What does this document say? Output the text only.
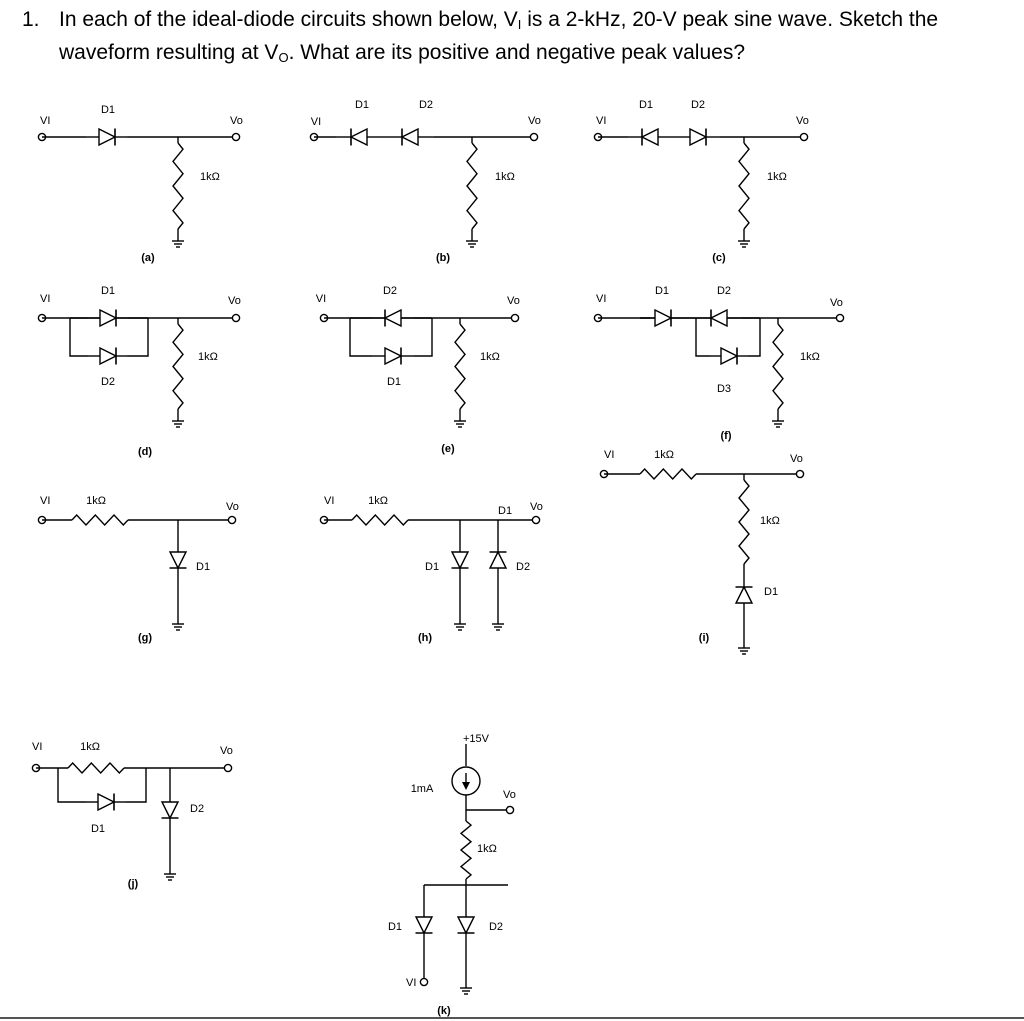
1. In each of the ideal-diode circuits shown below, $V_I$ is a 2-kHz, 20-V peak sine wave. Sketch the
waveform resulting at $V_O$. What are its positive and negative peak values?
VI	Vo
D1
1kΩ
(a)
VI	Vo
D1	D2
1kΩ
(b)
VI	Vo
D1	D2
1kΩ
(c)
VI	Vo
D1
D2
1kΩ
(d)
VI	Vo
D2
D1
1kΩ
(e)
VI	Vo
D1	D2
D3
1kΩ
(f)
VI	1kΩ	Vo
D1
(g)
VI	1kΩ	Vo
1kΩ
D1
(i)
VI	1kΩ	Vo
D1
D1	D2
(h)
VI	1kΩ	Vo
D1
D2
(j)
+15V
1mA	Vo
1kΩ
D1
VI
D2
(k)
